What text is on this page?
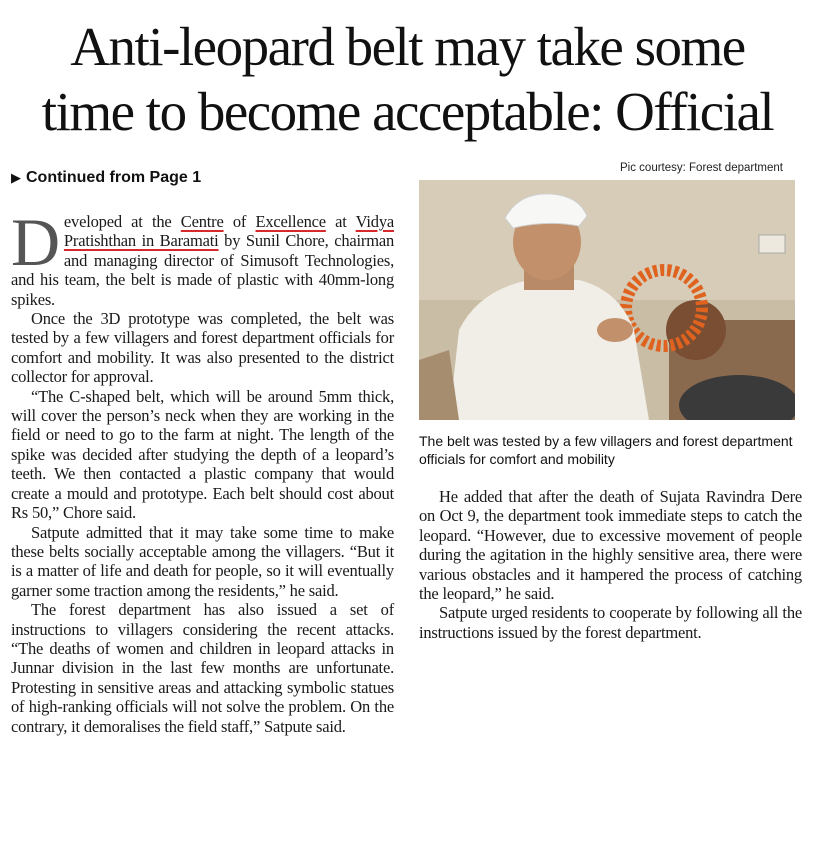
Anti-leopard belt may take some
time to become acceptable: Official
▶ Continued from Page 1

Developed at the Centre of Excellence at Vidya Pratishthan in Baramati by Sunil Chore, chairman and managing director of Simusoft Technologies, and his team, the belt is made of plastic with 40mm-long spikes.

Once the 3D prototype was completed, the belt was tested by a few villagers and forest department officials for comfort and mobility. It was also presented to the district collector for approval.

“The C-shaped belt, which will be around 5mm thick, will cover the person’s neck when they are working in the field or need to go to the farm at night. The length of the spike was decided after studying the depth of a leopard’s teeth. We then contacted a plastic company that would create a mould and prototype. Each belt should cost about Rs 50,” Chore said.

Satpute admitted that it may take some time to make these belts socially acceptable among the villagers. “But it is a matter of life and death for people, so it will eventually garner some traction among the residents,” he said.

The forest department has also issued a set of instructions to villagers considering the recent attacks. “The deaths of women and children in leopard attacks in Junnar division in the last few months are unfortunate. Protesting in sensitive areas and attacking symbolic statues of high-ranking officials will not solve the problem. On the contrary, it demoralises the field staff,” Satpute said.

Pic courtesy: Forest department
The belt was tested by a few villagers and forest department officials for comfort and mobility

He added that after the death of Sujata Ravindra Dere on Oct 9, the department took immediate steps to catch the leopard. “However, due to excessive movement of people during the agitation in the highly sensitive area, there were various obstacles and it hampered the process of catching the leopard,” he said.

Satpute urged residents to cooperate by following all the instructions issued by the forest department.
